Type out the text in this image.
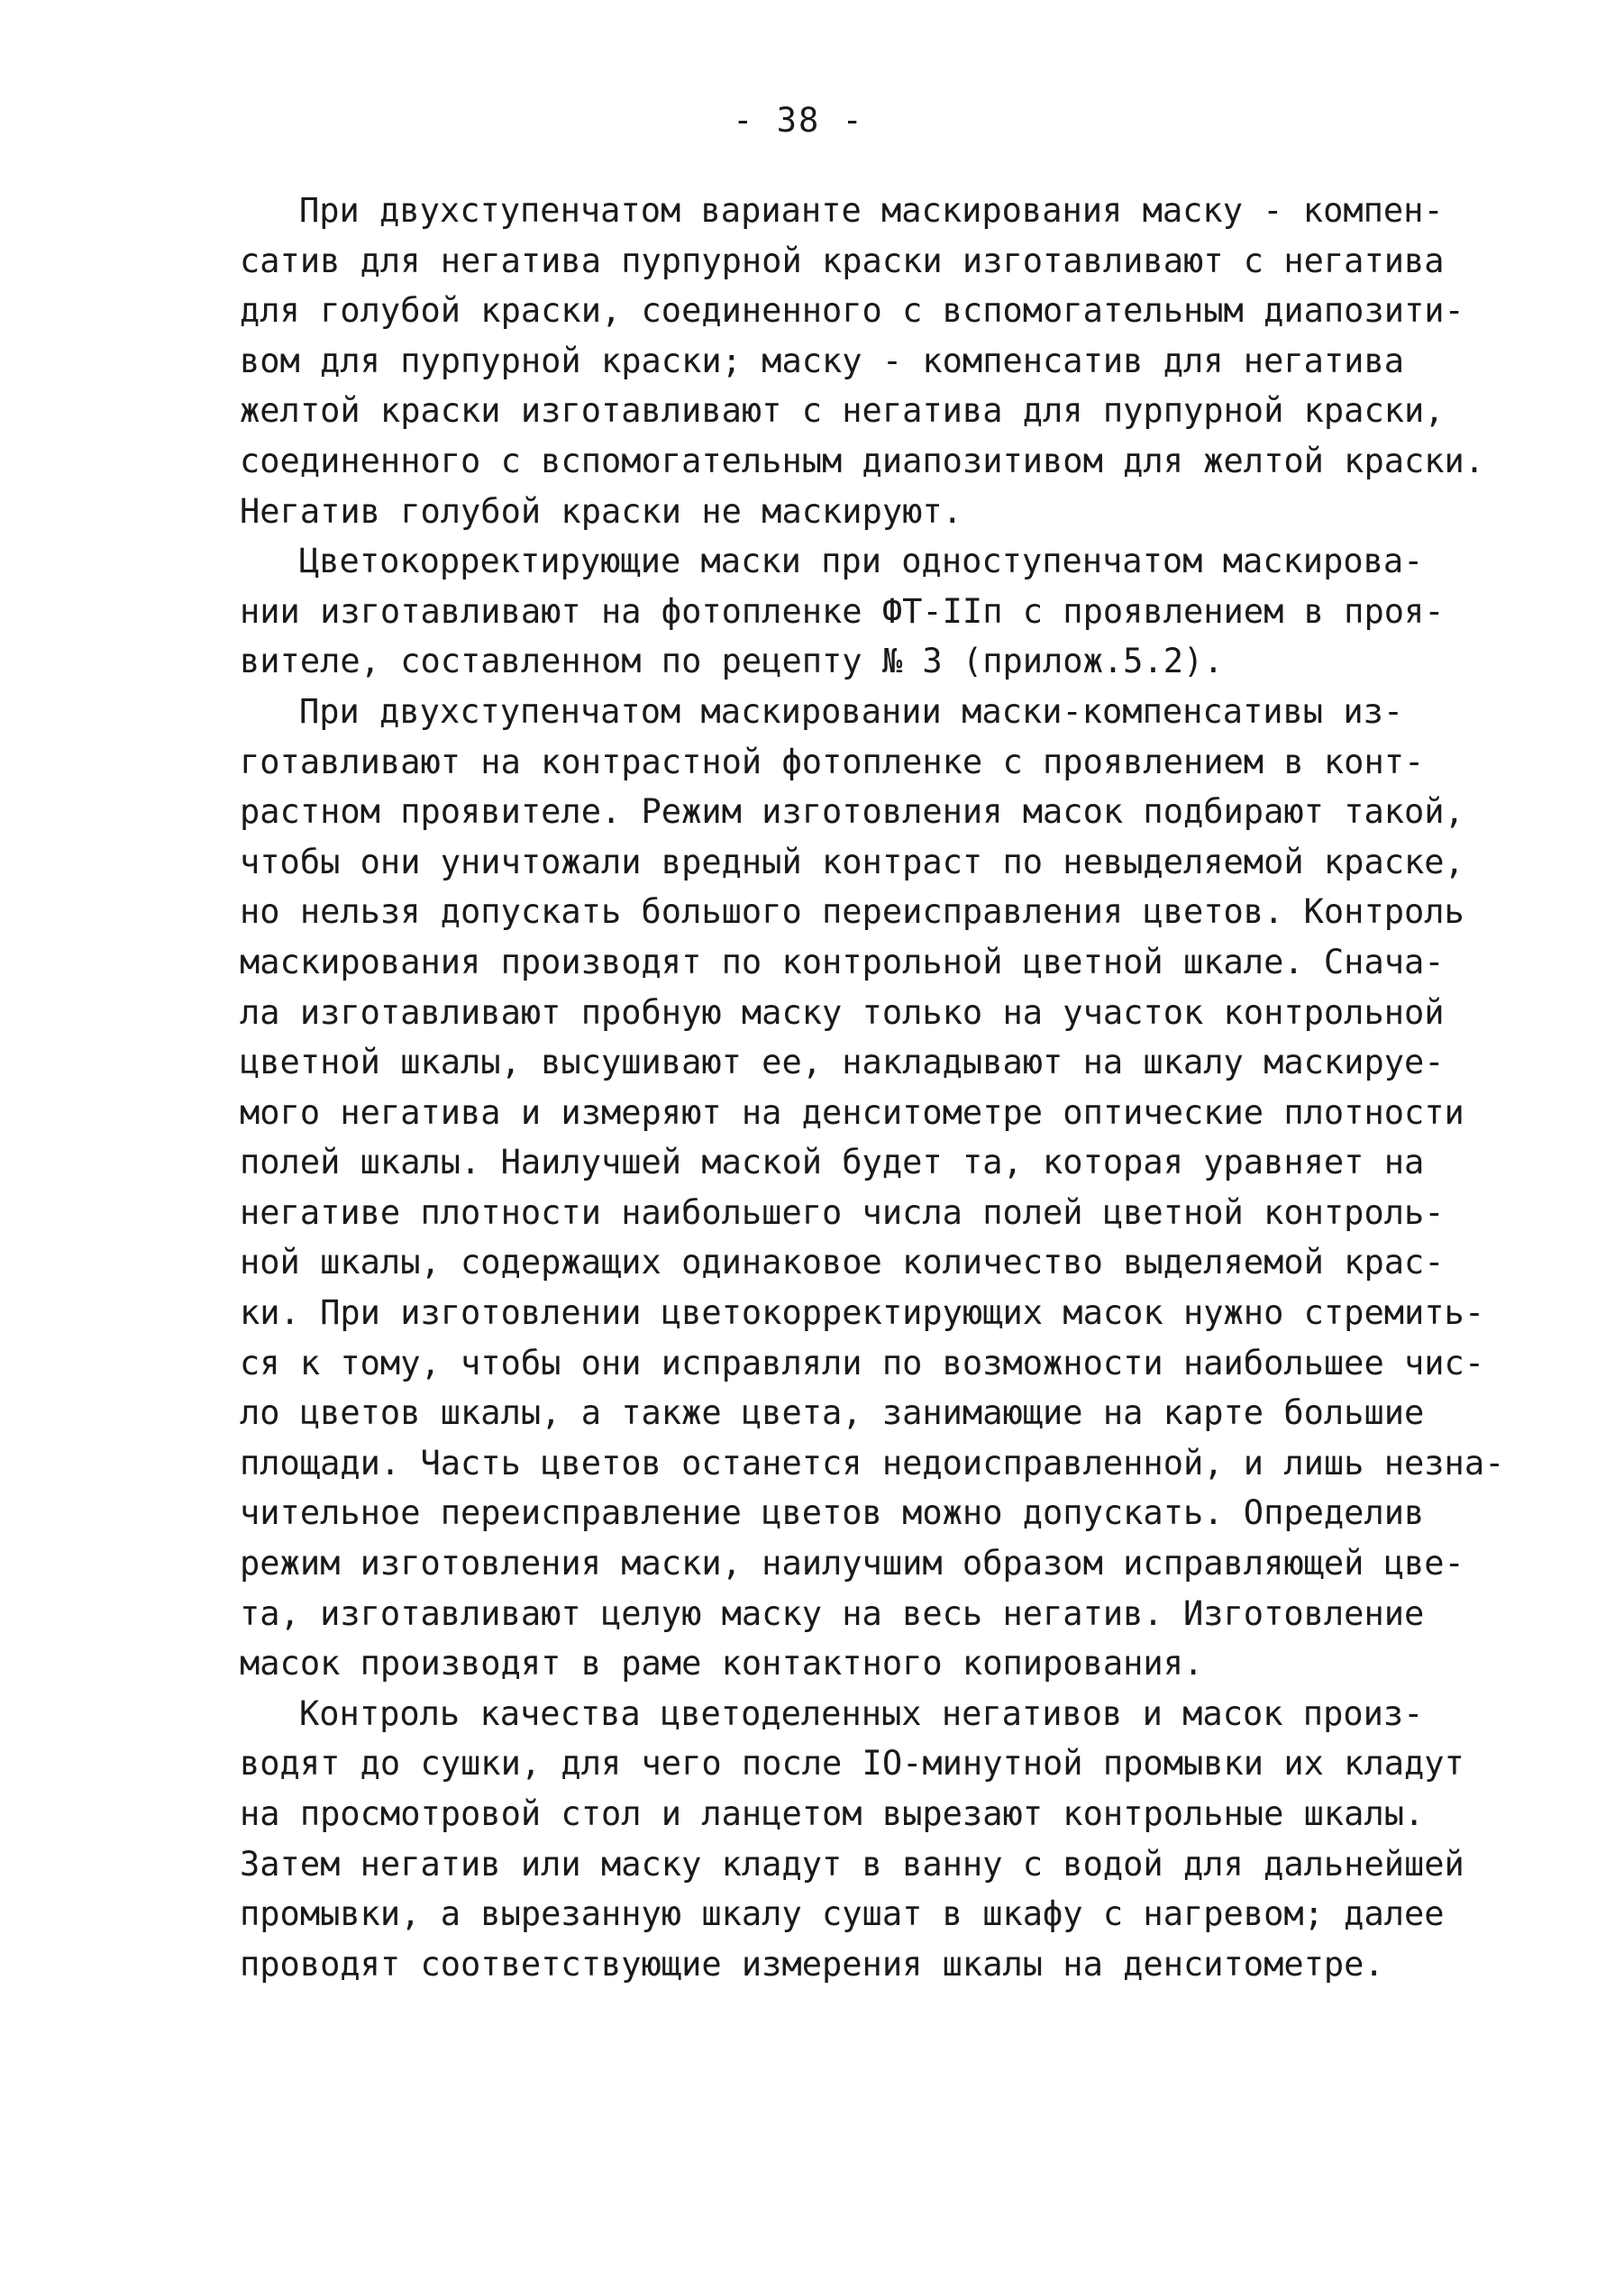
- 38 -
При двухступенчатом варианте маскирования маску - компен-
сатив для негатива пурпурной краски изготавливают с негатива
для голубой краски, соединенного с вспомогательным диапозити-
вом для пурпурной краски; маску - компенсатив для негатива
желтой краски изготавливают с негатива для пурпурной краски,
соединенного с вспомогательным диапозитивом для желтой краски.
Негатив голубой краски не маскируют.
Цветокорректирующие маски при одноступенчатом маскирова-
нии изготавливают на фотопленке ФТ-IIп с проявлением в проя-
вителе, составленном по рецепту № 3 (прилож.5.2).
При двухступенчатом маскировании маски-компенсативы из-
готавливают на контрастной фотопленке с проявлением в конт-
растном проявителе. Режим изготовления масок подбирают такой,
чтобы они уничтожали вредный контраст по невыделяемой краске,
но нельзя допускать большого переисправления цветов. Контроль
маскирования производят по контрольной цветной шкале. Снача-
ла изготавливают пробную маску только на участок контрольной
цветной шкалы, высушивают ее, накладывают на шкалу маскируе-
мого негатива и измеряют на денситометре оптические плотности
полей шкалы. Наилучшей маской будет та, которая уравняет на
негативе плотности наибольшего числа полей цветной контроль-
ной шкалы, содержащих одинаковое количество выделяемой крас-
ки. При изготовлении цветокорректирующих масок нужно стремить-
ся к тому, чтобы они исправляли по возможности наибольшее чис-
ло цветов шкалы, а также цвета, занимающие на карте большие
площади. Часть цветов останется недоисправленной, и лишь незна-
чительное переисправление цветов можно допускать. Определив
режим изготовления маски, наилучшим образом исправляющей цве-
та, изготавливают целую маску на весь негатив. Изготовление
масок производят в раме контактного копирования.
Контроль качества цветоделенных негативов и масок произ-
водят до сушки, для чего после IO-минутной промывки их кладут
на просмотровой стол и ланцетом вырезают контрольные шкалы.
Затем негатив или маску кладут в ванну с водой для дальнейшей
промывки, а вырезанную шкалу сушат в шкафу с нагревом; далее
проводят соответствующие измерения шкалы на денситометре.
